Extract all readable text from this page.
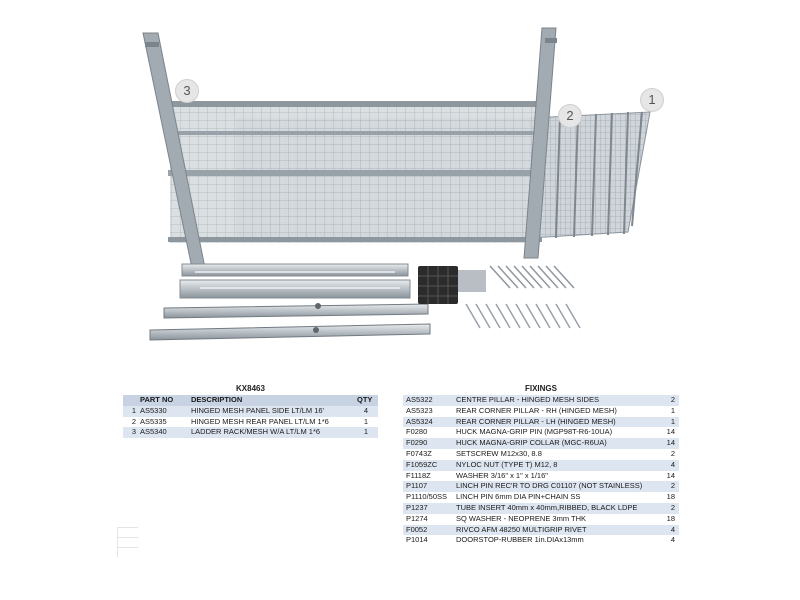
3
2
1
KX8463
	PART NO	DESCRIPTION	QTY
1	AS5330	HINGED MESH PANEL SIDE LT/LM 16'	4
2	AS5335	HINGED MESH REAR PANEL LT/LM 1*6	1
3	AS5340	LADDER RACK/MESH W/A LT/LM 1*6	1
FIXINGS
AS5322	CENTRE PILLAR - HINGED MESH SIDES	2
AS5323	REAR CORNER PILLAR - RH (HINGED MESH)	1
AS5324	REAR CORNER PILLAR - LH (HINGED MESH)	1
F0280	HUCK MAGNA-GRIP PIN (MGP98T-R6-10UA)	14
F0290	HUCK MAGNA-GRIP COLLAR (MGC-R6UA)	14
F0743Z	SETSCREW M12x30, 8.8	2
F1059ZC	NYLOC NUT (TYPE T) M12, 8	4
F1118Z	WASHER 3/16" x 1" x 1/16"	14
P1107	LINCH PIN REC'R TO DRG C01107 (NOT STAINLESS)	2
P1110/50SS	LINCH PIN 6mm DIA PIN+CHAIN SS	18
P1237	TUBE INSERT 40mm x 40mm,RIBBED, BLACK LDPE	2
P1274	SQ WASHER - NEOPRENE 3mm THK	18
F0052	RIVCO AFM 48250 MULTIGRIP RIVET	4
P1014	DOORSTOP-RUBBER 1in.DIAx13mm	4
